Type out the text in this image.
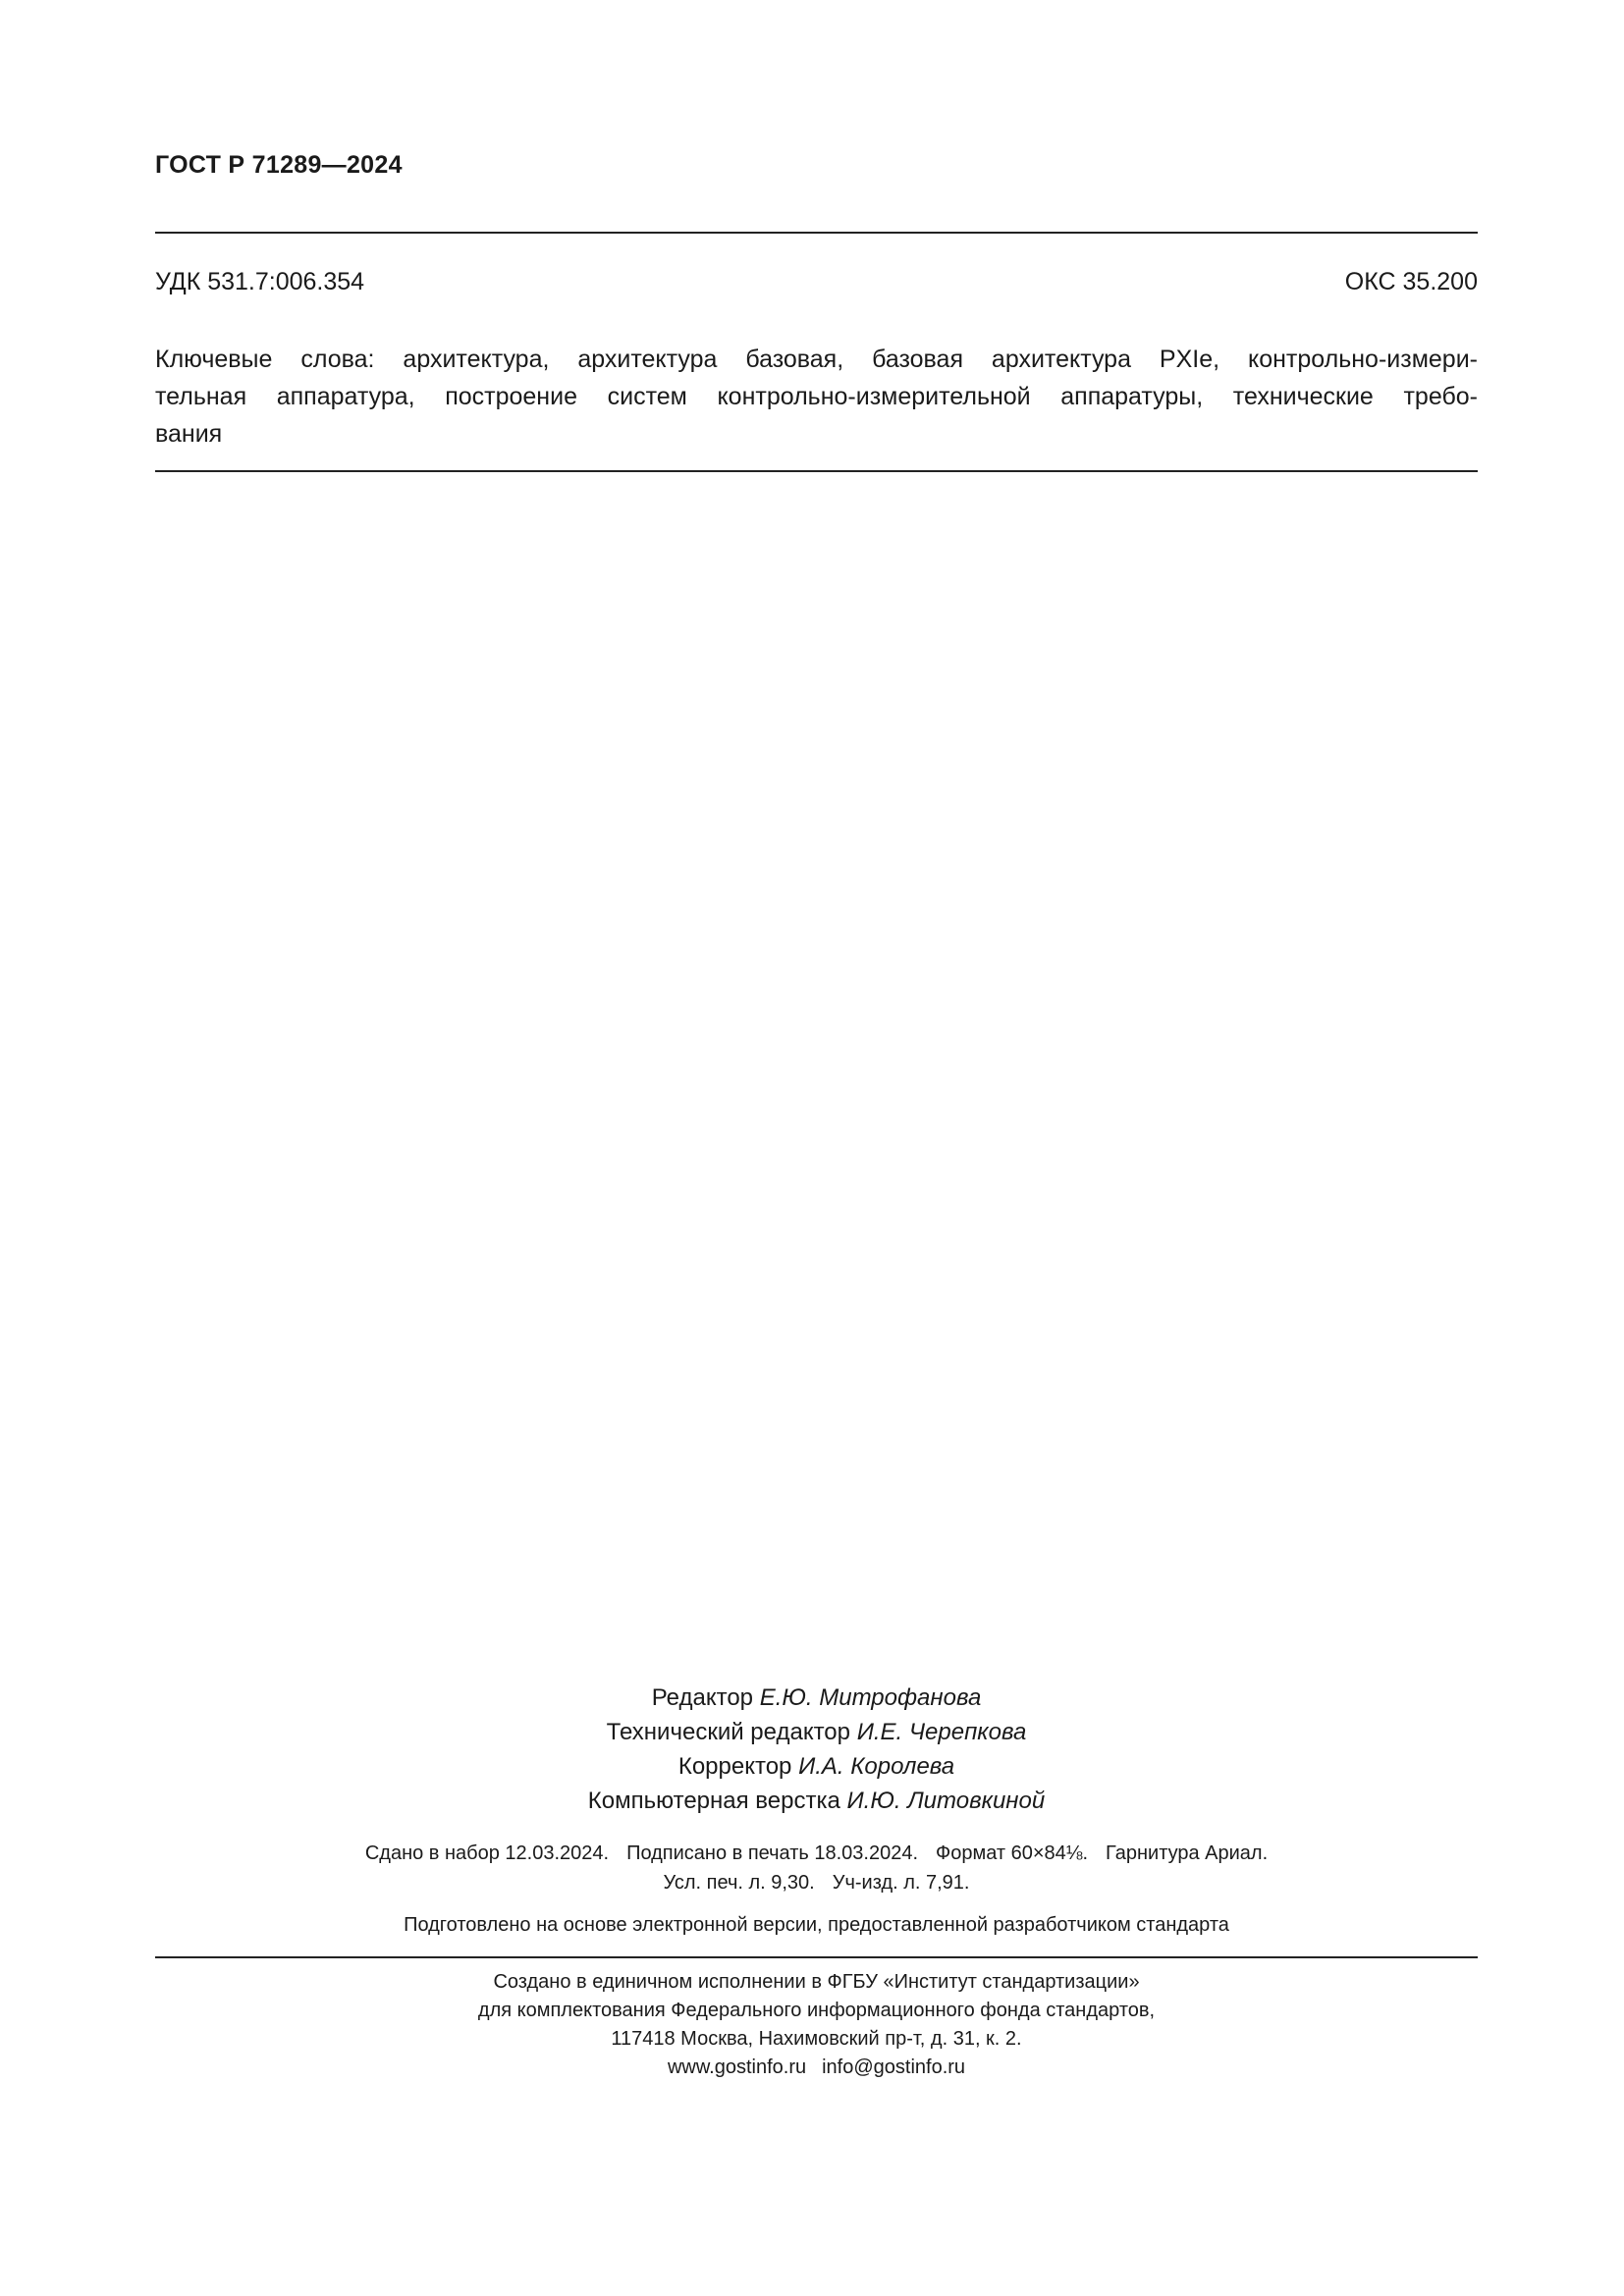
ГОСТ Р 71289—2024
УДК 531.7:006.354	ОКС 35.200
Ключевые слова: архитектура, архитектура базовая, базовая архитектура PXIe, контрольно-измери-
тельная аппаратура, построение систем контрольно-измерительной аппаратуры, технические требо-
вания
Редактор Е.Ю. Митрофанова
Технический редактор И.Е. Черепкова
Корректор И.А. Королева
Компьютерная верстка И.Ю. Литовкиной
Сдано в набор 12.03.2024. Подписано в печать 18.03.2024. Формат 60×84⅛. Гарнитура Ариал.
Усл. печ. л. 9,30. Уч-изд. л. 7,91.
Подготовлено на основе электронной версии, предоставленной разработчиком стандарта
Создано в единичном исполнении в ФГБУ «Институт стандартизации»
для комплектования Федерального информационного фонда стандартов,
117418 Москва, Нахимовский пр-т, д. 31, к. 2.
www.gostinfo.ru info@gostinfo.ru
